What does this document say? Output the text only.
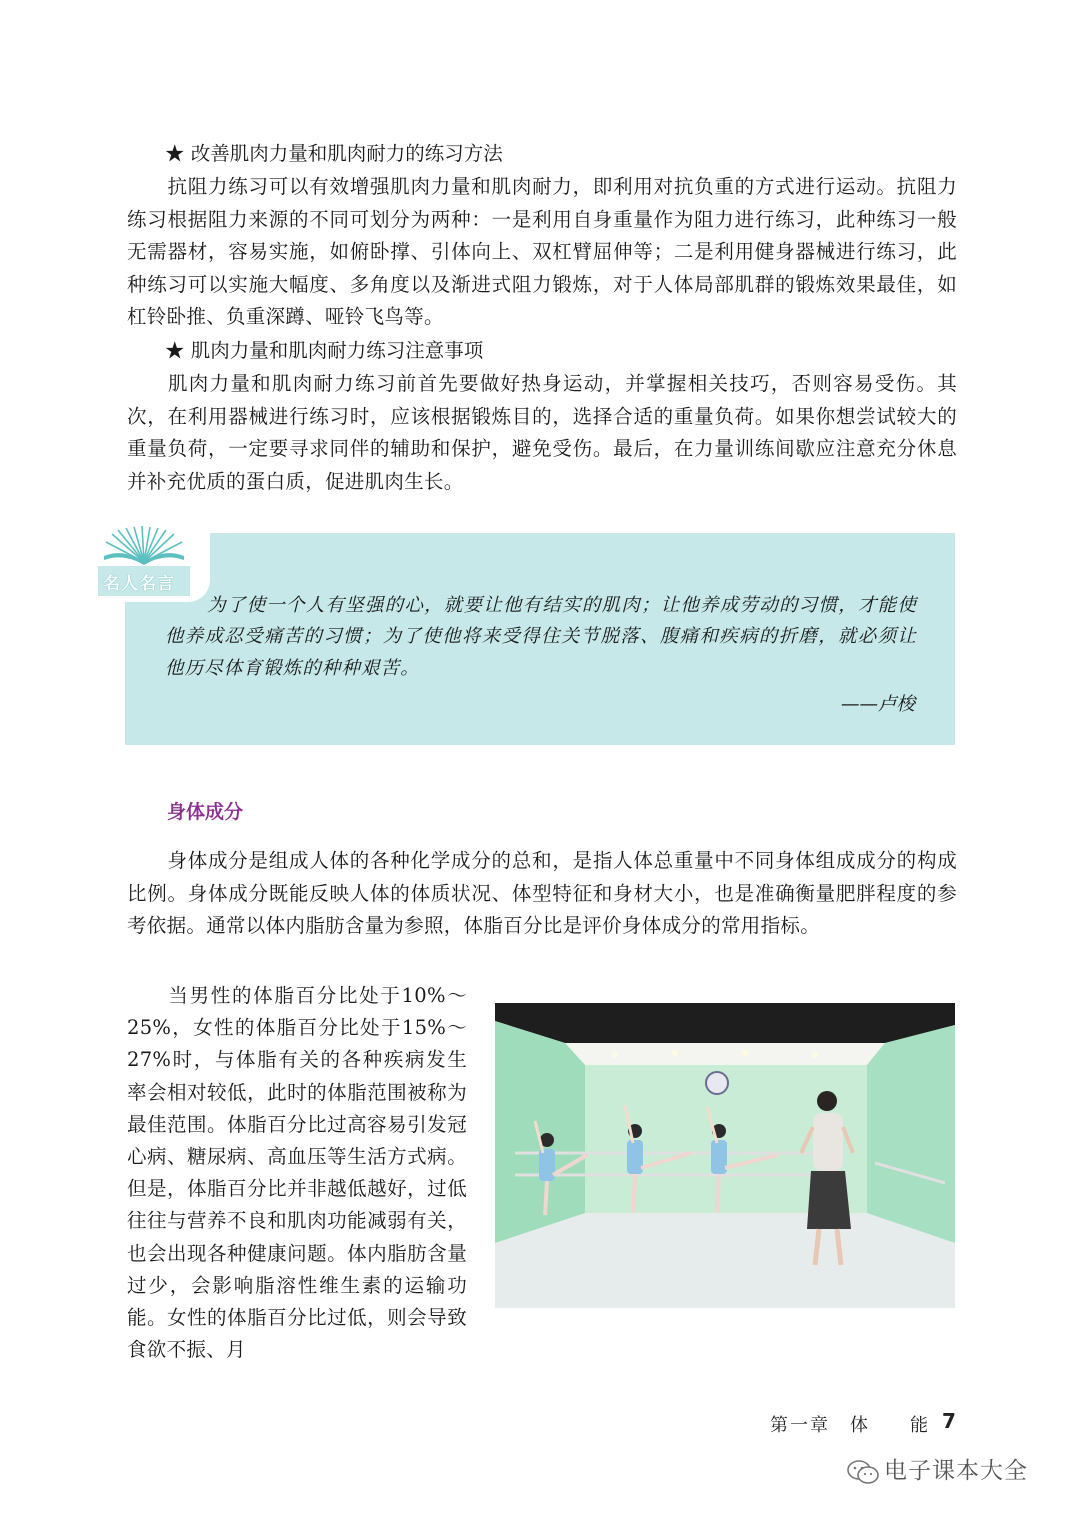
★ 改善肌肉力量和肌肉耐力的练习方法

抗阻力练习可以有效增强肌肉力量和肌肉耐力，即利用对抗负重的方式进行运动。抗阻力练习根据阻力来源的不同可划分为两种：一是利用自身重量作为阻力进行练习，此种练习一般无需器材，容易实施，如俯卧撑、引体向上、双杠臂屈伸等；二是利用健身器械进行练习，此种练习可以实施大幅度、多角度以及渐进式阻力锻炼，对于人体局部肌群的锻炼效果最佳，如杠铃卧推、负重深蹲、哑铃飞鸟等。

★ 肌肉力量和肌肉耐力练习注意事项

肌肉力量和肌肉耐力练习前首先要做好热身运动，并掌握相关技巧，否则容易受伤。其次，在利用器械进行练习时，应该根据锻炼目的，选择合适的重量负荷。如果你想尝试较大的重量负荷，一定要寻求同伴的辅助和保护，避免受伤。最后，在力量训练间歇应注意充分休息并补充优质的蛋白质，促进肌肉生长。

名人名言

为了使一个人有坚强的心，就要让他有结实的肌肉；让他养成劳动的习惯，才能使他养成忍受痛苦的习惯；为了使他将来受得住关节脱落、腹痛和疾病的折磨，就必须让他历尽体育锻炼的种种艰苦。

——卢梭

身体成分

身体成分是组成人体的各种化学成分的总和，是指人体总重量中不同身体组成成分的构成比例。身体成分既能反映人体的体质状况、体型特征和身材大小，也是准确衡量肥胖程度的参考依据。通常以体内脂肪含量为参照，体脂百分比是评价身体成分的常用指标。

当男性的体脂百分比处于10%～25%，女性的体脂百分比处于15%～27%时，与体脂有关的各种疾病发生率会相对较低，此时的体脂范围被称为最佳范围。体脂百分比过高容易引发冠心病、糖尿病、高血压等生活方式病。但是，体脂百分比并非越低越好，过低往往与营养不良和肌肉功能减弱有关，也会出现各种健康问题。体内脂肪含量过少，会影响脂溶性维生素的运输功能。女性的体脂百分比过低，则会导致食欲不振、月

第一章　体　　能 7
电子课本大全
